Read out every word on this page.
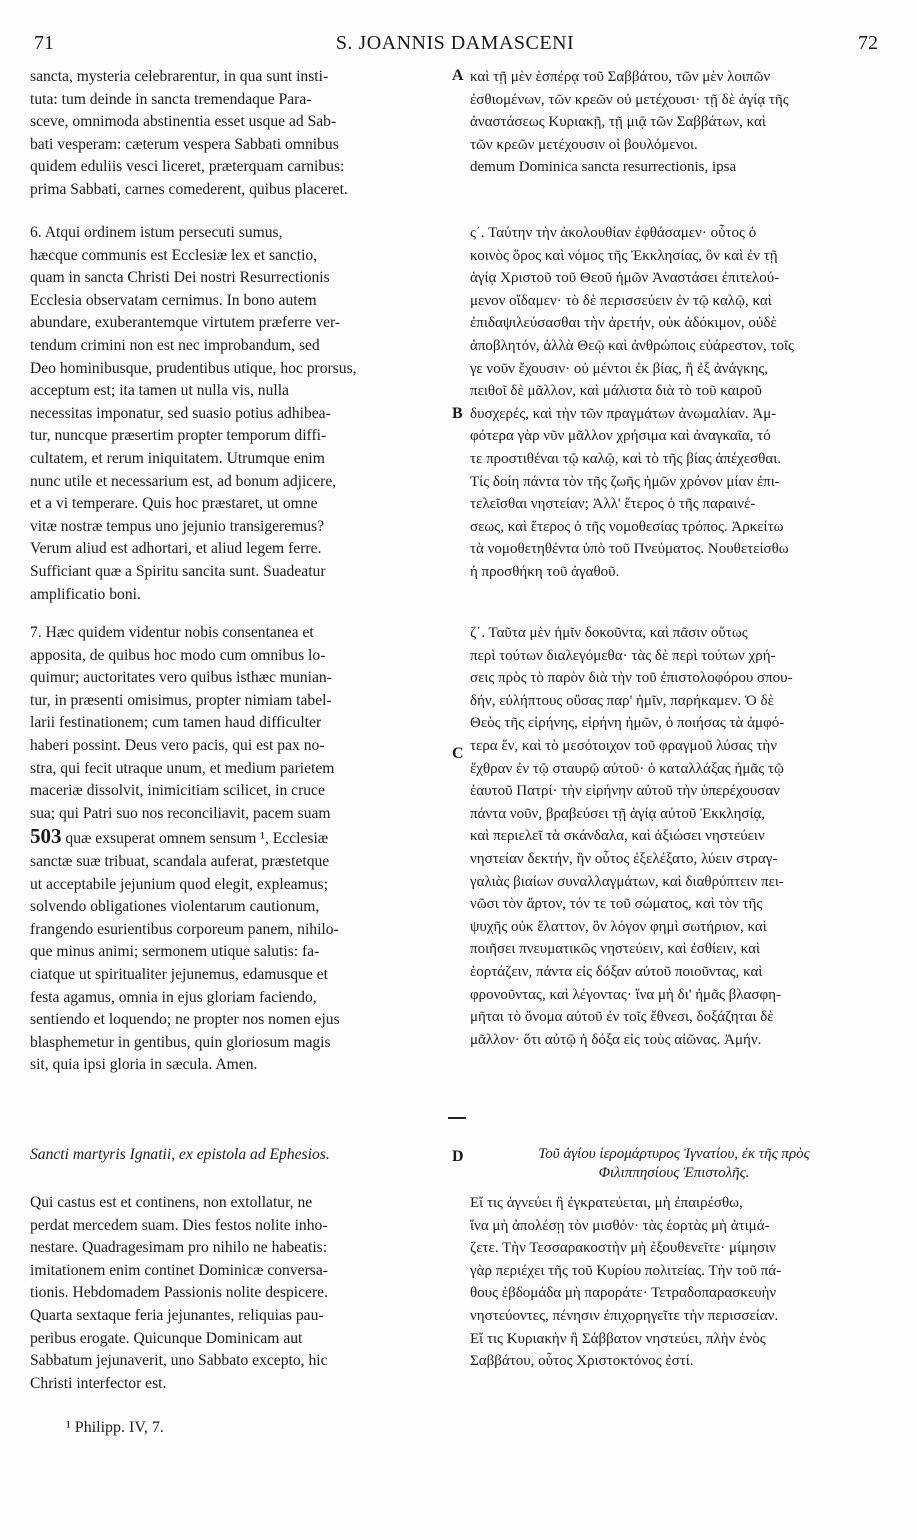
71	S. JOANNIS DAMASCENI	72

sancta, mysteria celebrarentur, in qua sunt insti-
tuta: tum deinde in sancta tremendaque Para-
sceve, omnimoda abstinentia esset usque ad Sab-
bati vesperam: cæterum vespera Sabbati omnibus
quidem eduliis vesci liceret, præterquam carnibus:

prima Sabbati, carnes comederent, quibus placeret.

6. Atqui ordinem istum persecuti sumus,
hæcque communis est Ecclesiæ lex et sanctio,
quam in sancta Christi Dei nostri Resurrectionis
Ecclesia observatam cernimus. In bono autem
abundare, exuberantemque virtutem præferre ver-
tendum crimini non est nec improbandum, sed
Deo hominibusque, prudentibus utique, hoc prorsus,
acceptum est; ita tamen ut nulla vis, nulla
necessitas imponatur, sed suasio potius adhibea-
tur, nuncque præsertim propter temporum diffi-
cultatem, et rerum iniquitatem. Utrumque enim
nunc utile et necessarium est, ad bonum adjicere,
et a vi temperare. Quis hoc præstaret, ut omne
vitæ nostræ tempus uno jejunio transigeremus?
Verum aliud est adhortari, et aliud legem ferre.
Sufficiant quæ a Spiritu sancita sunt. Suadeatur
amplificatio boni.

7. Hæc quidem videntur nobis consentanea et
apposita, de quibus hoc modo cum omnibus lo-
quimur; auctoritates vero quibus isthæc munian-
tur, in præsenti omisimus, propter nimiam tabel-
larii festinationem; cum tamen haud difficulter
haberi possint. Deus vero pacis, qui est pax no-
stra, qui fecit utraque unum, et medium parietem
maceriæ dissolvit, inimicitiam scilicet, in cruce
sua; qui Patri suo nos reconciliavit, pacem suam

503 quæ exsuperat omnem sensum ¹, Ecclesiæ

sanctæ suæ tribuat, scandala auferat, præstetque
ut acceptabile jejunium quod elegit, expleamus;
solvendo obligationes violentarum cautionum,
frangendo esurientibus corporeum panem, nihilo-
que minus animi; sermonem utique salutis: fa-
ciatque ut spiritualiter jejunemus, edamusque et
festa agamus, omnia in ejus gloriam faciendo,
sentiendo et loquendo; ne propter nos nomen ejus
blasphemetur in gentibus, quin gloriosum magis
sit, quia ipsi gloria in sæcula. Amen.

Sancti martyris Ignatii, ex epistola ad Ephesios.

Qui castus est et continens, non extollatur, ne
perdat mercedem suam. Dies festos nolite inho-
nestare. Quadragesimam pro nihilo ne habeatis:
imitationem enim continet Dominicæ conversa-
tionis. Hebdomadem Passionis nolite despicere.
Quarta sextaque feria jejunantes, reliquias pau-
peribus erogate. Quicunque Dominicam aut
Sabbatum jejunaverit, uno Sabbato excepto, hic
Christi interfector est.

καὶ τῇ μὲν ἑσπέρᾳ τοῦ Σαββάτου, τῶν μὲν λοιπῶν
ἐσθιομένων, τῶν κρεῶν οὐ μετέχουσι· τῇ δὲ ἁγίᾳ τῆς
ἀναστάσεως Κυριακῇ, τῇ μιᾷ τῶν Σαββάτων, καὶ
τῶν κρεῶν μετέχουσιν οἱ βουλόμενοι.

demum Dominica sancta resurrectionis, ipsa

ς΄. Ταύτην τὴν ἀκολουθίαν ἐφθάσαμεν· οὗτος ὁ
κοινὸς ὅρος καὶ νόμος τῆς Ἐκκλησίας, ὃν καὶ ἐν τῇ
ἁγίᾳ Χριστοῦ τοῦ Θεοῦ ἡμῶν Ἀναστάσει ἐπιτελού-
μενον οἴδαμεν· τὸ δὲ περισσεύειν ἐν τῷ καλῷ, καὶ
ἐπιδαψιλεύσασθαι τὴν ἀρετήν, οὐκ ἀδόκιμον, οὐδὲ
ἀποβλητόν, ἀλλὰ Θεῷ καὶ ἀνθρώποις εὐάρεστον, τοῖς
γε νοῦν ἔχουσιν· οὐ μέντοι ἐκ βίας, ἢ ἐξ ἀνάγκης,
πειθοῖ δὲ μᾶλλον, καὶ μάλιστα διὰ τὸ τοῦ καιροῦ
δυσχερές, καὶ τὴν τῶν πραγμάτων ἀνωμαλίαν. Ἀμ-
φότερα γὰρ νῦν μᾶλλον χρήσιμα καὶ ἀναγκαῖα, τό
τε προστιθέναι τῷ καλῷ, καὶ τὸ τῆς βίας ἀπέχεσθαι.
Τίς δοίη πάντα τὸν τῆς ζωῆς ἡμῶν χρόνον μίαν ἐπι-
τελεῖσθαι νηστείαν; Ἀλλ' ἕτερος ὁ τῆς παραινέ-
σεως, καὶ ἕτερος ὁ τῆς νομοθεσίας τρόπος. Ἀρκείτω
τὰ νομοθετηθέντα ὑπὸ τοῦ Πνεύματος. Νουθετείσθω
ἡ προσθήκη τοῦ ἀγαθοῦ.

ζ΄. Ταῦτα μὲν ἡμῖν δοκοῦντα, καὶ πᾶσιν οὕτως
περὶ τούτων διαλεγόμεθα· τὰς δὲ περὶ τούτων χρή-
σεις πρὸς τὸ παρὸν διὰ τὴν τοῦ ἐπιστολοφόρου σπου-
δήν, εὐλήπτους οὔσας παρ' ἡμῖν, παρήκαμεν. Ὁ δὲ
Θεὸς τῆς εἰρήνης, εἰρήνη ἡμῶν, ὁ ποιήσας τὰ ἀμφό-
τερα ἕν, καὶ τὸ μεσότοιχον τοῦ φραγμοῦ λύσας τὴν
ἔχθραν ἐν τῷ σταυρῷ αὐτοῦ· ὁ καταλλάξας ἡμᾶς τῷ
ἑαυτοῦ Πατρί· τὴν εἰρήνην αὐτοῦ τὴν ὑπερέχουσαν
πάντα νοῦν, βραβεύσει τῇ ἁγίᾳ αὐτοῦ Ἐκκλησίᾳ,
καὶ περιελεῖ τὰ σκάνδαλα, καὶ ἀξιώσει νηστεύειν
νηστείαν δεκτήν, ἣν οὗτος ἐξελέξατο, λύειν στραγ-
γαλιὰς βιαίων συναλλαγμάτων, καὶ διαθρύπτειν πει-
νῶσι τὸν ἄρτον, τόν τε τοῦ σώματος, καὶ τὸν τῆς
ψυχῆς οὐκ ἔλαττον, ὃν λόγον φημὶ σωτήριον, καὶ
ποιῆσει πνευματικῶς νηστεύειν, καὶ ἐσθίειν, καὶ
ἑορτάζειν, πάντα εἰς δόξαν αὐτοῦ ποιοῦντας, καὶ
φρονοῦντας, καὶ λέγοντας· ἵνα μὴ δι' ἡμᾶς βλασφη-
μῆται τὸ ὄνομα αὐτοῦ ἐν τοῖς ἔθνεσι, δοξάζηται δὲ
μᾶλλον· ὅτι αὐτῷ ἡ δόξα εἰς τοὺς αἰῶνας. Ἀμήν.

Τοῦ ἁγίου ἱερομάρτυρος Ἰγνατίου, ἐκ τῆς πρὸς
Φιλιππησίους Ἐπιστολῆς.

Εἴ τις ἁγνεύει ἢ ἐγκρατεύεται, μὴ ἐπαιρέσθω,
ἵνα μὴ ἀπολέσῃ τὸν μισθόν· τὰς ἑορτὰς μὴ ἀτιμά-
ζετε. Τὴν Τεσσαρακοστὴν μὴ ἐξουθενεῖτε· μίμησιν
γὰρ περιέχει τῆς τοῦ Κυρίου πολιτείας. Τὴν τοῦ πά-
θους ἑβδομάδα μὴ παροράτε· Τετραδοπαρασκευὴν
νηστεύοντες, πένησιν ἐπιχορηγεῖτε τὴν περισσείαν.
Εἴ τις Κυριακὴν ἢ Σάββατον νηστεύει, πλὴν ἑνὸς
Σαββάτου, οὗτος Χριστοκτόνος ἐστί.

A
B
C
D
¹ Philipp. IV, 7.
